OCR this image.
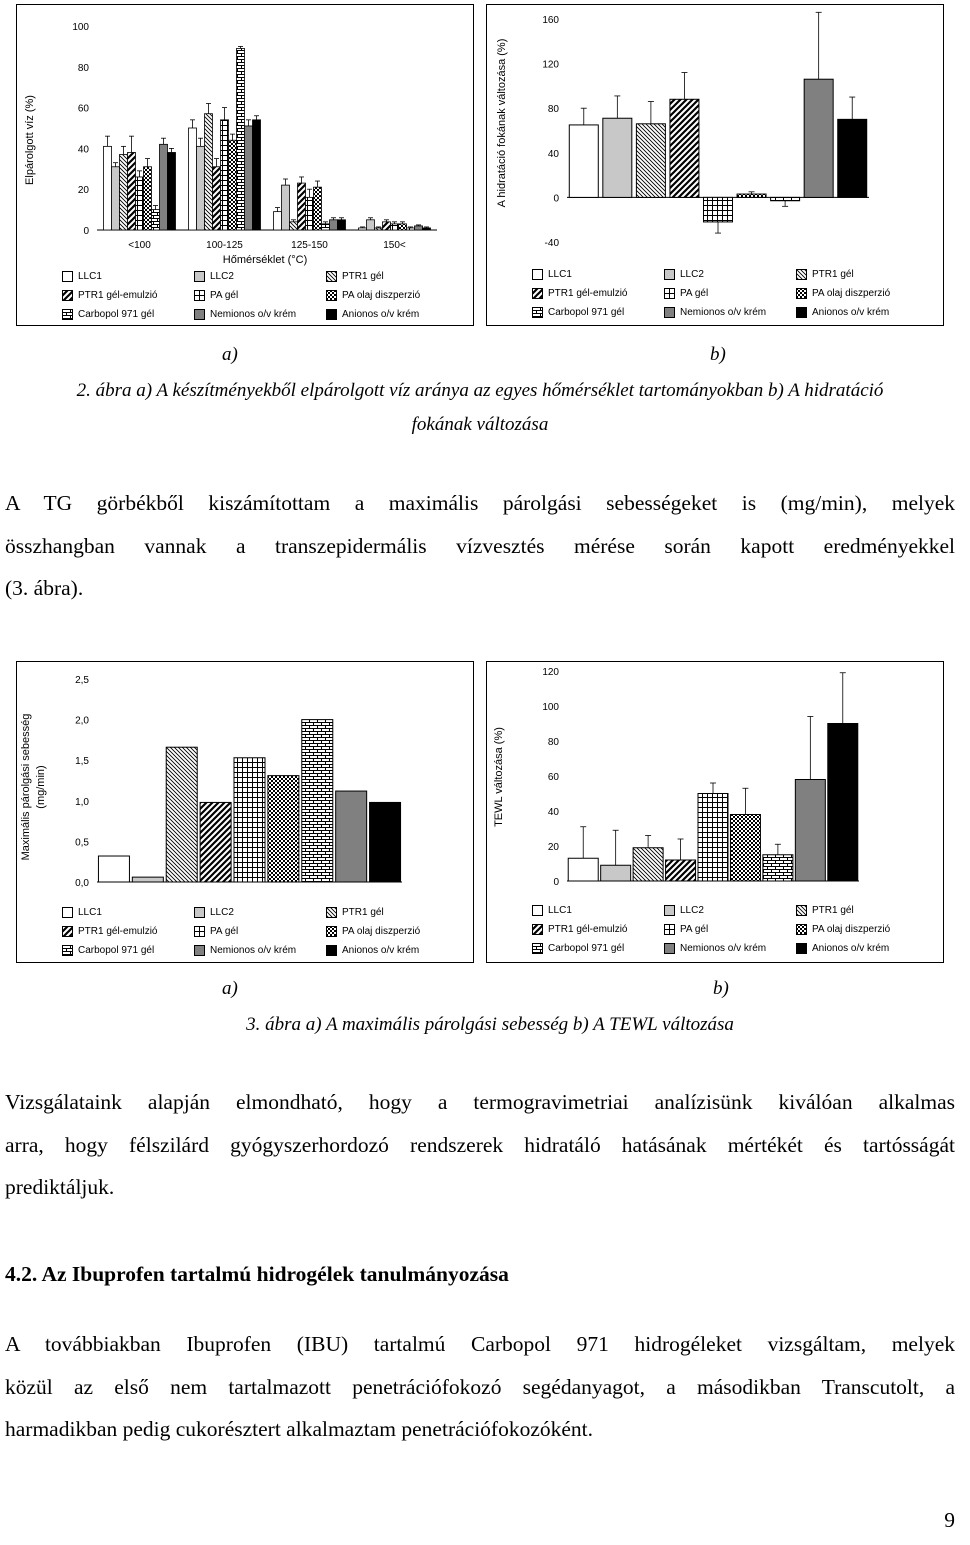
0
20
40
60
80
100
<100	100-125	125-150	150<
Elpárolgott víz (%)
Hőmérséklet (°C)
LLC1	LLC2	PTR1 gél
PTR1 gél-emulzió	PA gél	PA olaj diszperzió
Carbopol 971 gél	Nemionos o/v krém	Anionos o/v krém
-40
0
40
80
120
160
A hidratáció fokának változása (%)
LLC1	LLC2	PTR1 gél
PTR1 gél-emulzió	PA gél	PA olaj diszperzió
Carbopol 971 gél	Nemionos o/v krém	Anionos o/v krém
a)	b)
2. ábra a) A készítményekből elpárolgott víz aránya az egyes hőmérséklet tartományokban b) A hidratáció
fokának változása
A TG görbékből kiszámítottam a maximális párolgási sebességeket is (mg/min), melyek
összhangban vannak a transzepidermális vízvesztés mérése során kapott eredményekkel
(3. ábra).
0,0
0,5
1,0
1,5
2,0
2,5
Maximális párolgási sebesség (mg/min)
LLC1	LLC2	PTR1 gél
PTR1 gél-emulzió	PA gél	PA olaj diszperzió
Carbopol 971 gél	Nemionos o/v krém	Anionos o/v krém
0
20
40
60
80
100
120
TEWL változása (%)
LLC1	LLC2	PTR1 gél
PTR1 gél-emulzió	PA gél	PA olaj diszperzió
Carbopol 971 gél	Nemionos o/v krém	Anionos o/v krém
a)	b)
3. ábra a) A maximális párolgási sebesség b) A TEWL változása
Vizsgálataink alapján elmondható, hogy a termogravimetriai analízisünk kiválóan alkalmas
arra, hogy félszilárd gyógyszerhordozó rendszerek hidratáló hatásának mértékét és tartósságát
prediktáljuk.
4.2. Az Ibuprofen tartalmú hidrogélek tanulmányozása
A továbbiakban Ibuprofen (IBU) tartalmú Carbopol 971 hidrogéleket vizsgáltam, melyek
közül az első nem tartalmazott penetrációfokozó segédanyagot, a másodikban Transcutolt, a
harmadikban pedig cukorésztert alkalmaztam penetrációfokozóként.
9
